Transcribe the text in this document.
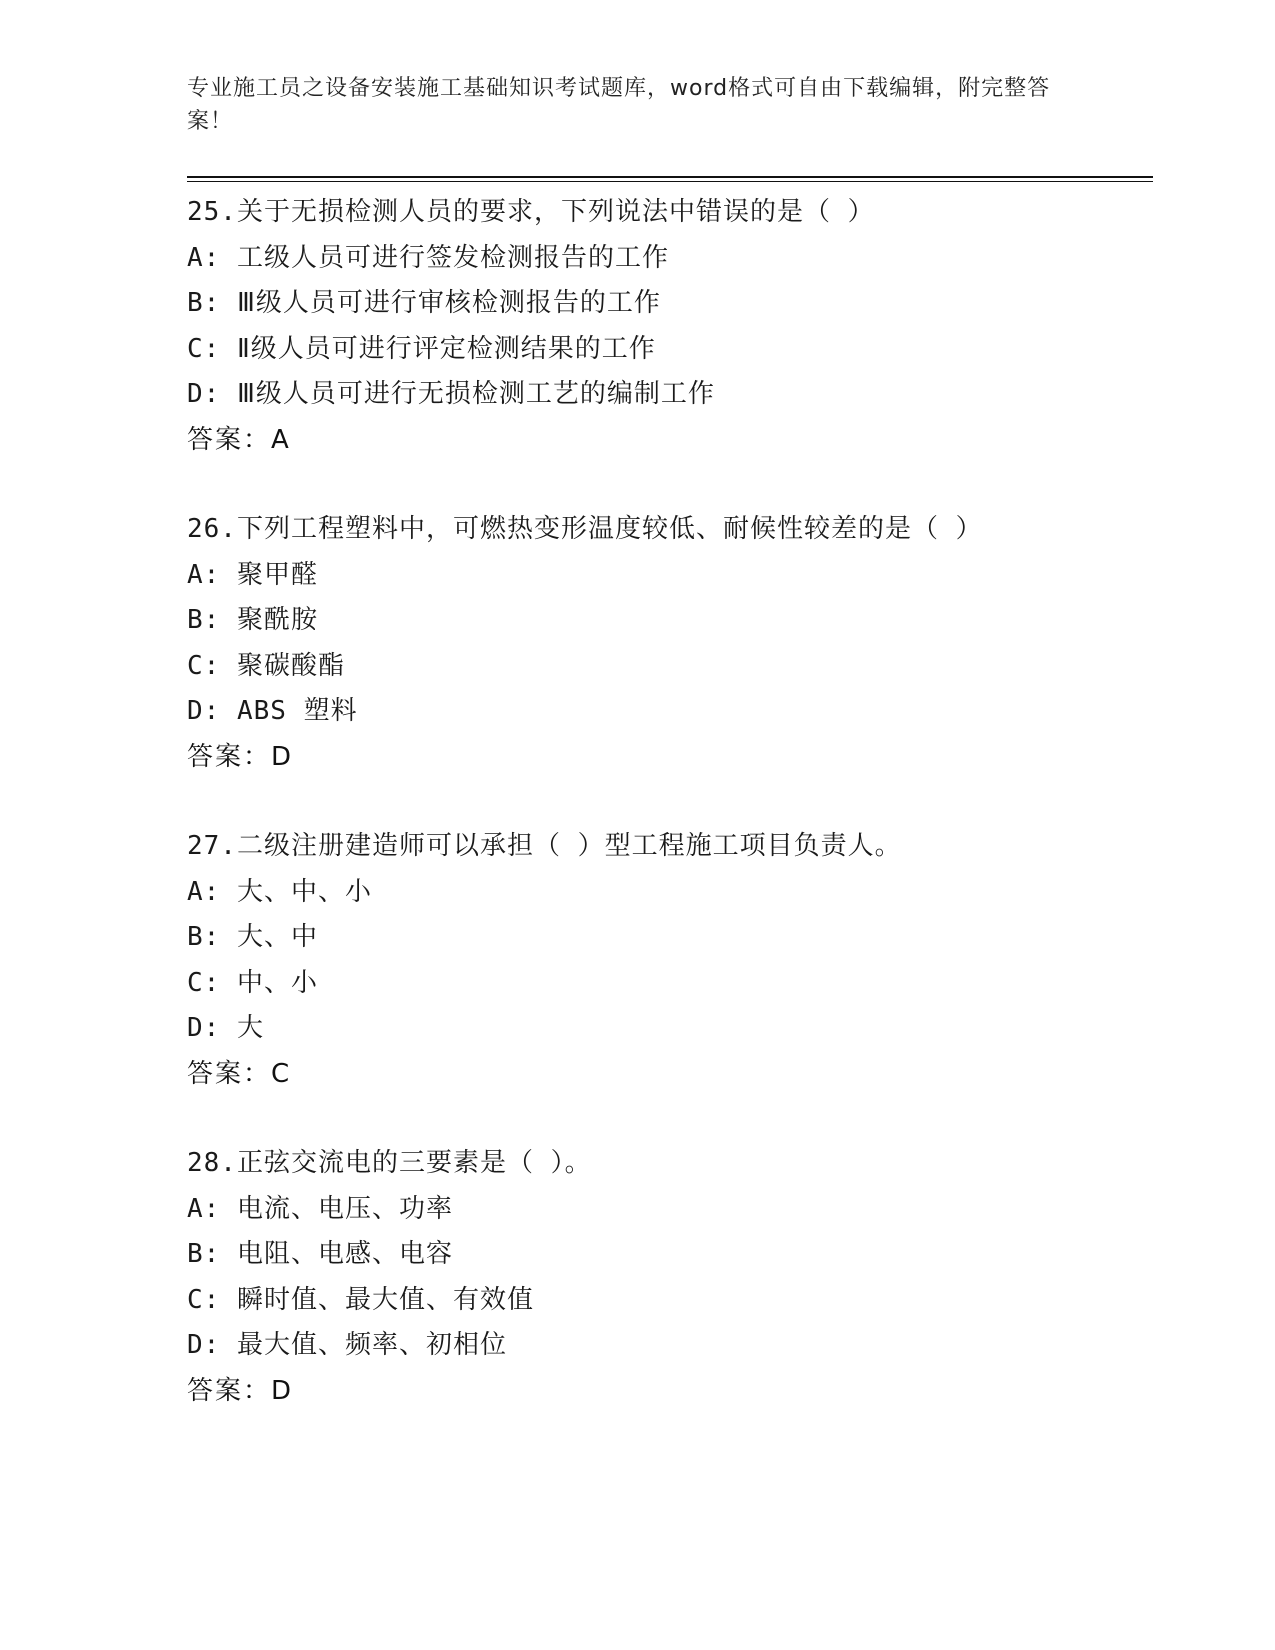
专业施工员之设备安装施工基础知识考试题库，word格式可自由下载编辑，附完整答案！
25.关于无损检测人员的要求，下列说法中错误的是（ ）
A: 工级人员可进行签发检测报告的工作
B: Ⅲ级人员可进行审核检测报告的工作
C: Ⅱ级人员可进行评定检测结果的工作
D: Ⅲ级人员可进行无损检测工艺的编制工作
答案：A
26.下列工程塑料中，可燃热变形温度较低、耐候性较差的是（ ）
A: 聚甲醛
B: 聚酰胺
C: 聚碳酸酯
D: ABS 塑料
答案：D
27.二级注册建造师可以承担（ ）型工程施工项目负责人。
A: 大、中、小
B: 大、中
C: 中、小
D: 大
答案：C
28.正弦交流电的三要素是（ ）。
A: 电流、电压、功率
B: 电阻、电感、电容
C: 瞬时值、最大值、有效值
D: 最大值、频率、初相位
答案：D
